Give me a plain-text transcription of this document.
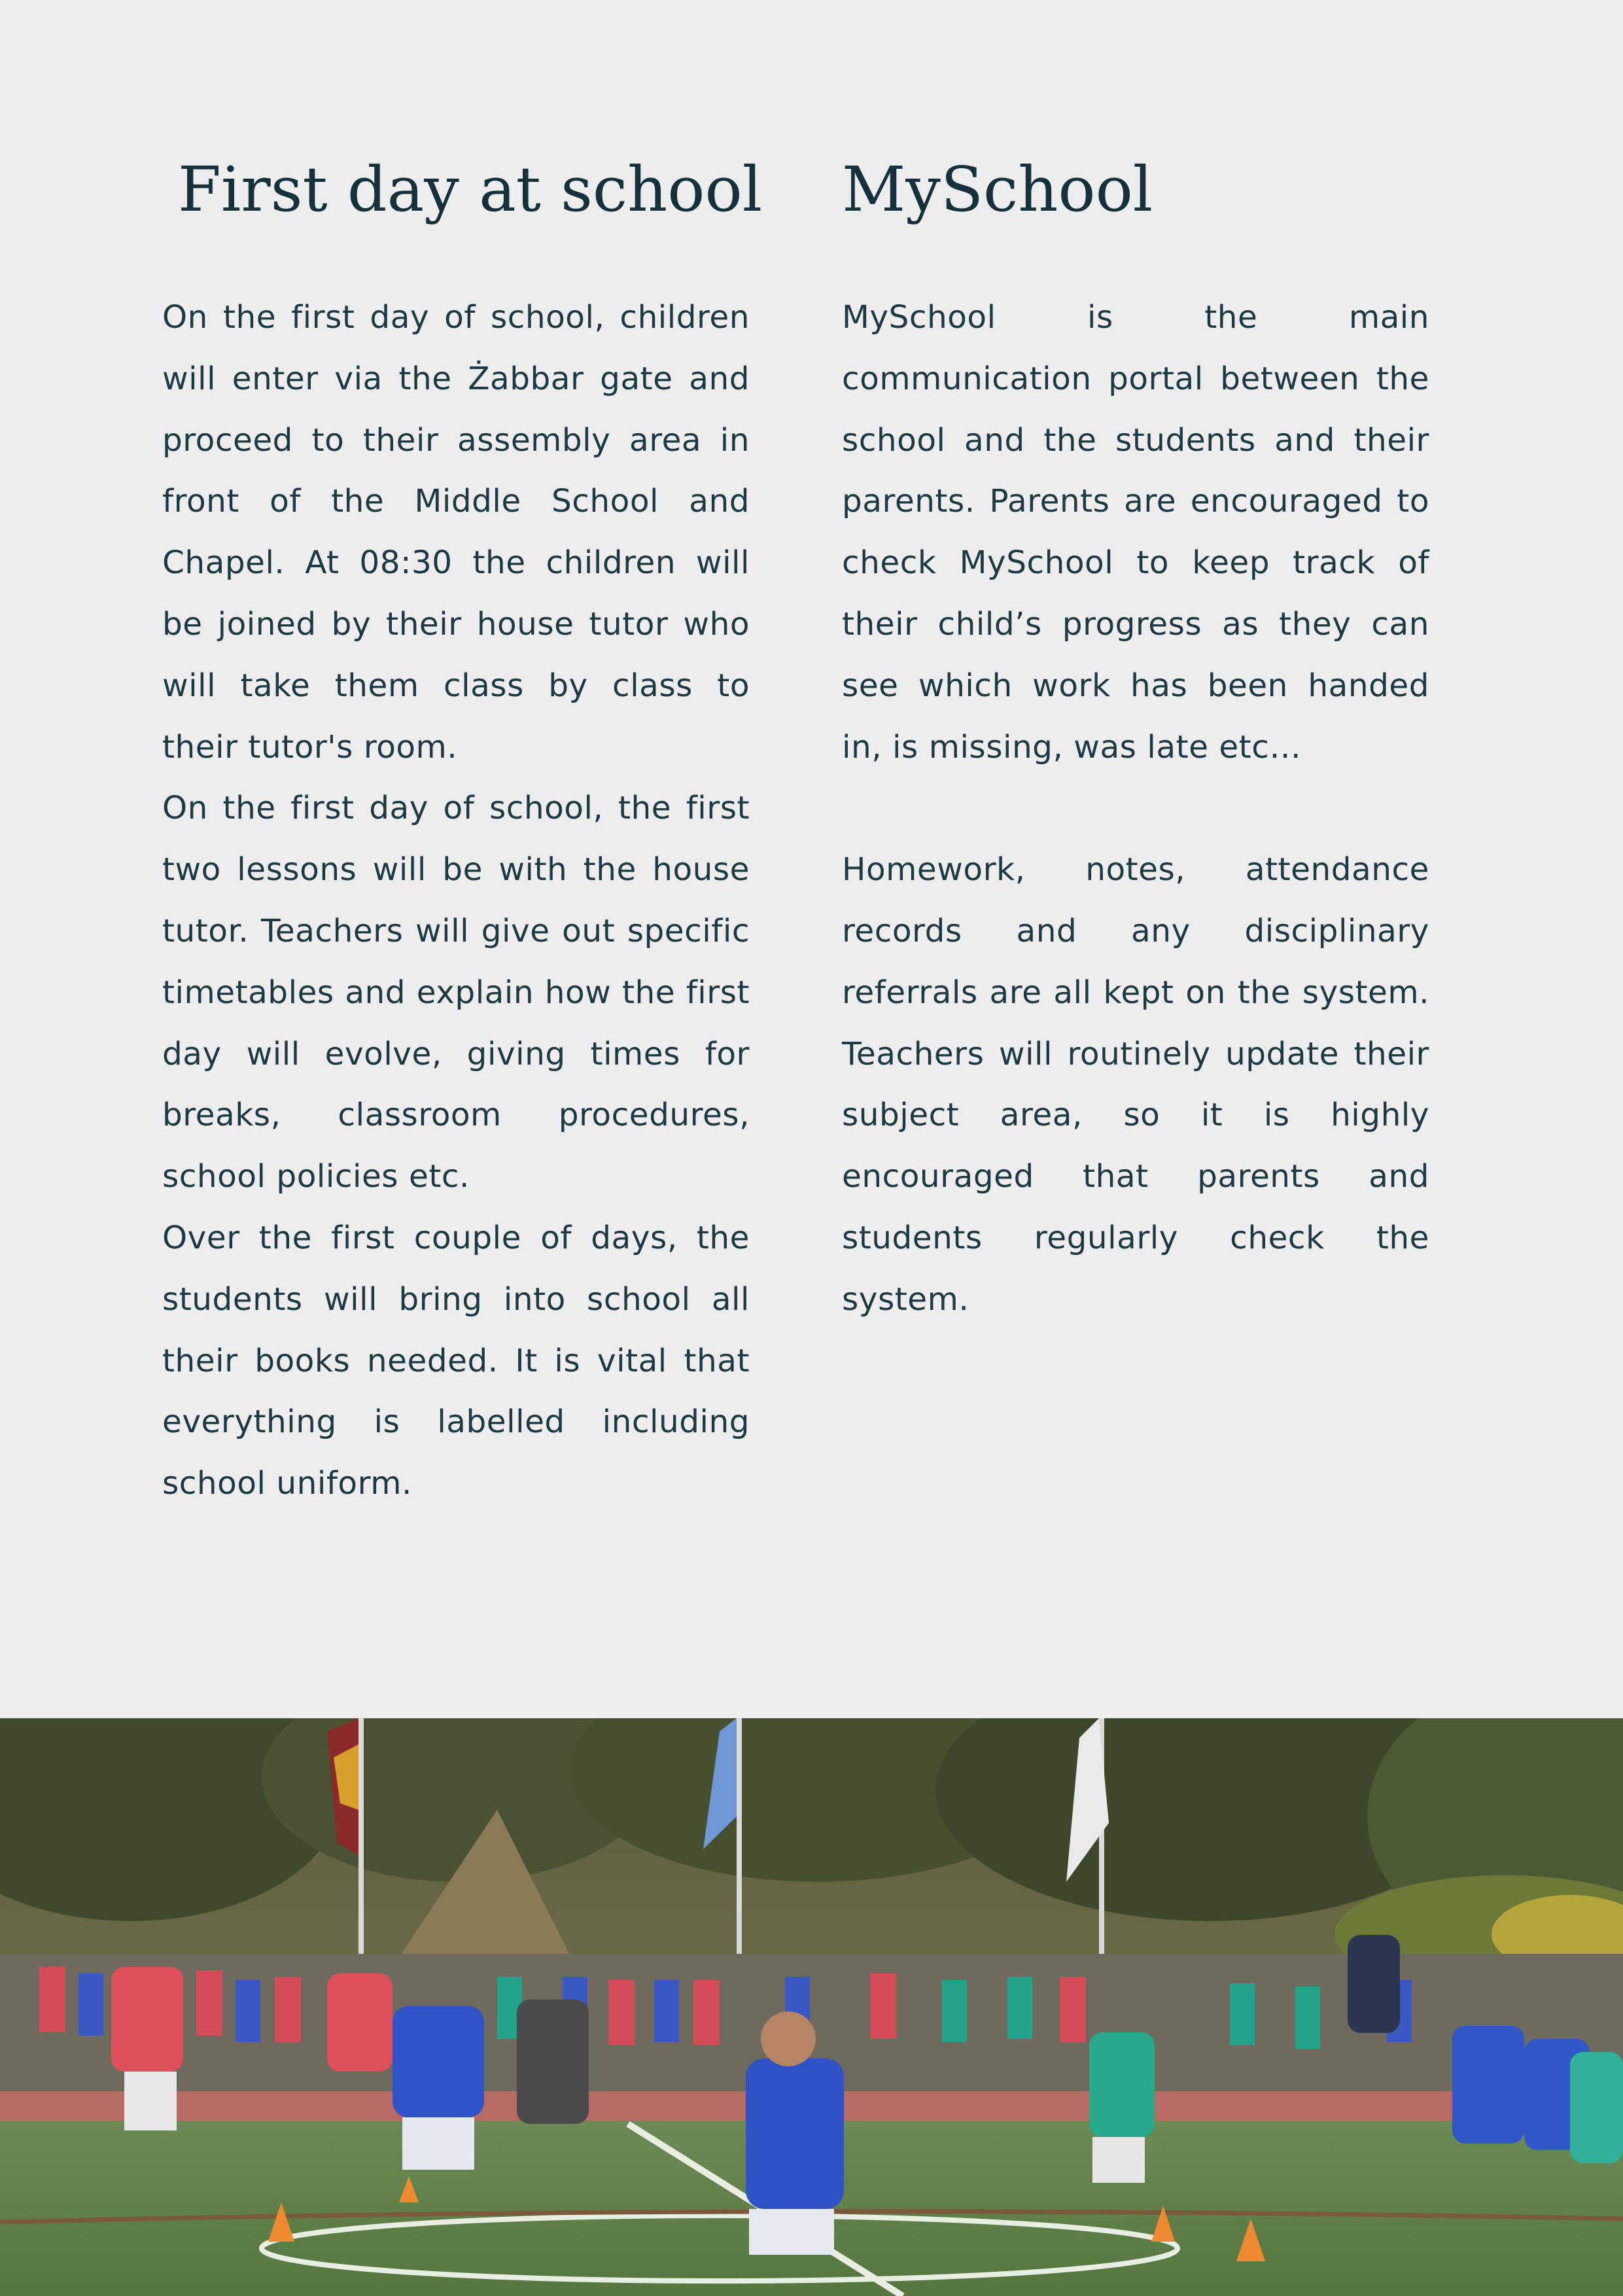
First day at school

On the first day of school, children will enter via the Żabbar gate and proceed to their assembly area in front of the Middle School and Chapel. At 08:30 the children will be joined by their house tutor who will take them class by class to their tutor's room.

On the first day of school, the first two lessons will be with the house tutor. Teachers will give out specific timetables and explain how the first day will evolve, giving times for breaks, classroom procedures, school policies etc.

Over the first couple of days, the students will bring into school all their books needed. It is vital that everything is labelled including school uniform.

MySchool

MySchool is the main communication portal between the school and the students and their parents. Parents are encouraged to check MySchool to keep track of their child’s progress as they can see which work has been handed in, is missing, was late etc…

Homework, notes, attendance records and any disciplinary referrals are all kept on the system. Teachers will routinely update their subject area, so it is highly encouraged that parents and students regularly check the system.
